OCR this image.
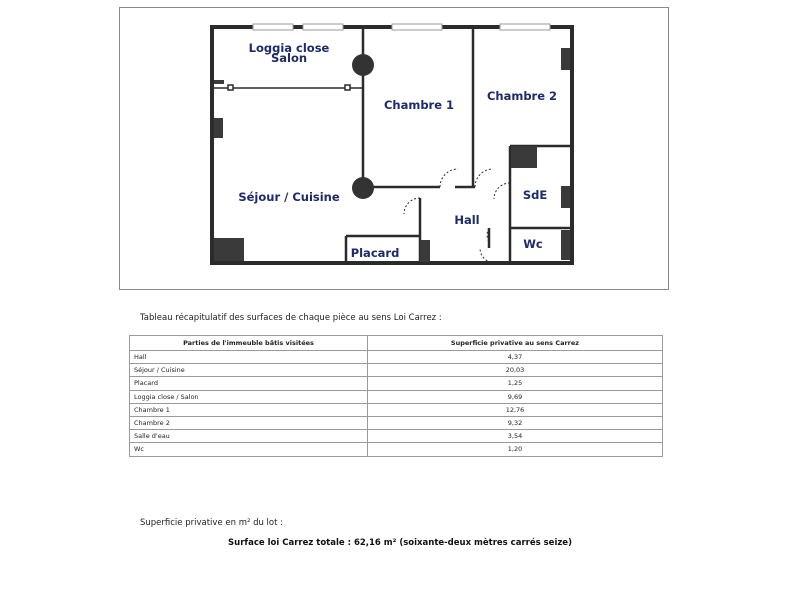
Loggia close
Salon
Chambre 1
Chambre 2
Séjour / Cuisine	SdE
Hall
Wc
Placard
Tableau récapitulatif des surfaces de chaque pièce au sens Loi Carrez :
Parties de l'immeuble bâtis visitées	Superficie privative au sens Carrez
Hall	4,37
Séjour / Cuisine	20,03
Placard	1,25
Loggia close / Salon	9,69
Chambre 1	12,76
Chambre 2	9,32
Salle d'eau	3,54
Wc	1,20
Superficie privative en m² du lot :
Surface loi Carrez totale : 62,16 m² (soixante-deux mètres carrés seize)
